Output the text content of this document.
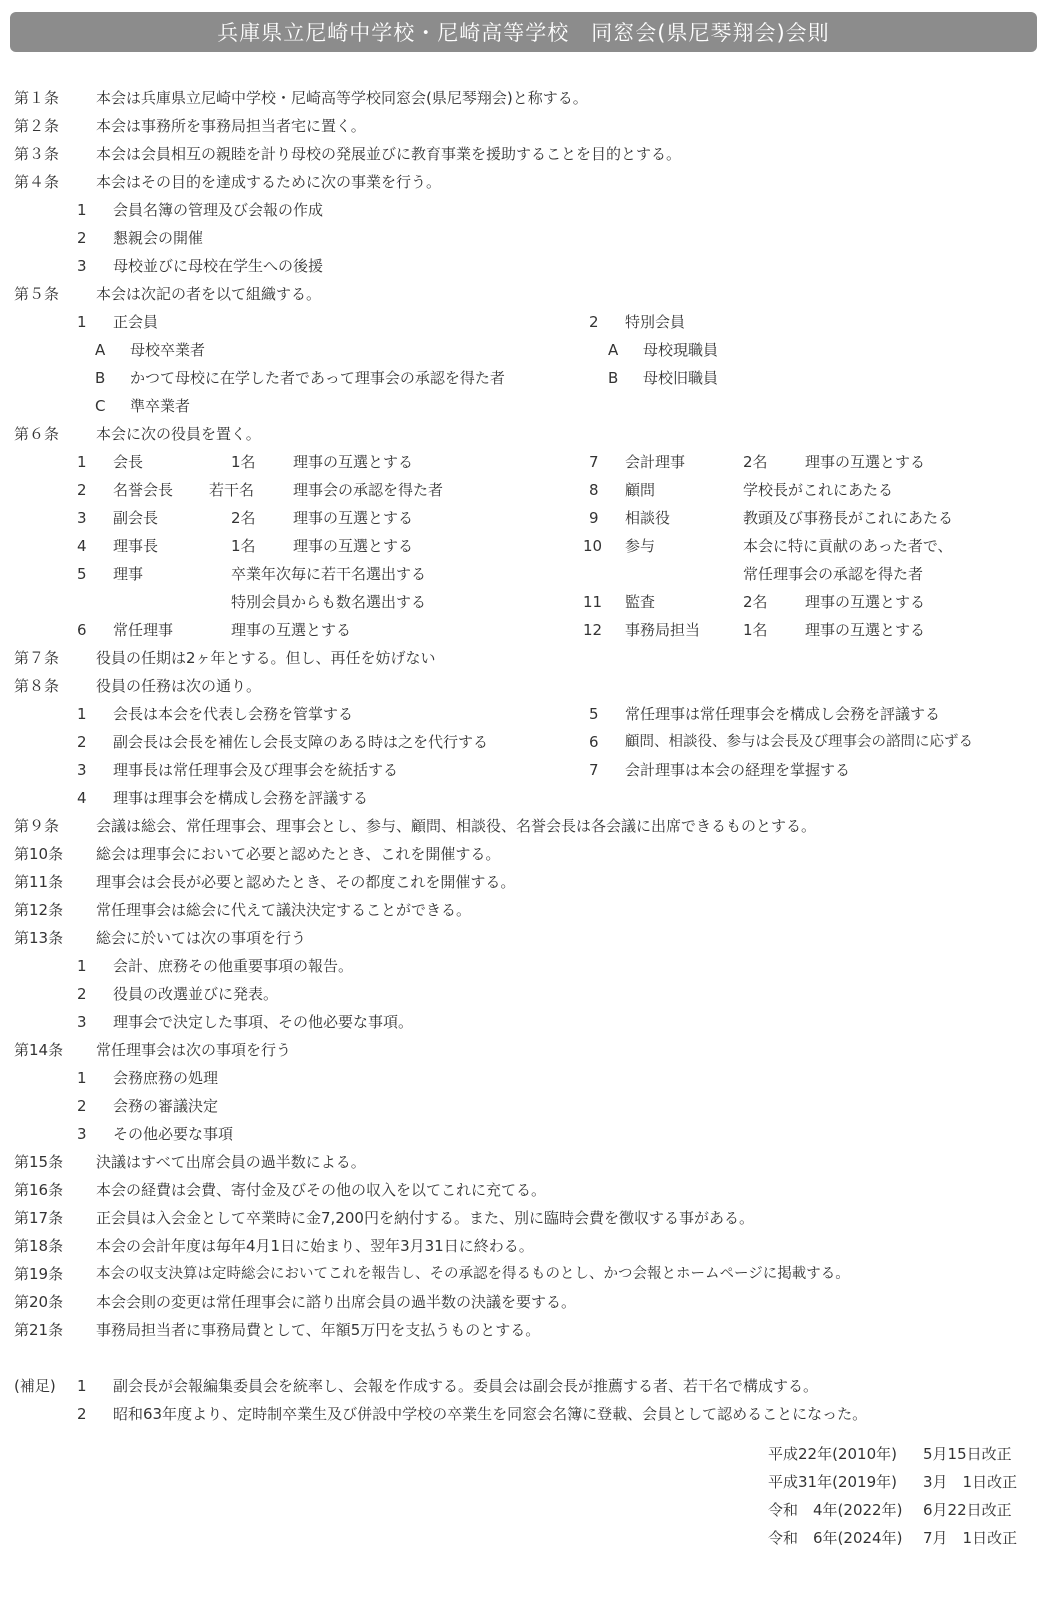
兵庫県立尼崎中学校・尼崎高等学校　同窓会(県尼琴翔会)会則
第１条 本会は兵庫県立尼崎中学校・尼崎高等学校同窓会(県尼琴翔会)と称する。
第２条 本会は事務所を事務局担当者宅に置く。
第３条 本会は会員相互の親睦を計り母校の発展並びに教育事業を援助することを目的とする。
第４条 本会はその目的を達成するために次の事業を行う。
1 会員名簿の管理及び会報の作成
2 懇親会の開催
3 母校並びに母校在学生への後援
第５条 本会は次記の者を以て組織する。
1 正会員	2 特別会員
A 母校卒業者	A 母校現職員
B かつて母校に在学した者であって理事会の承認を得た者	B 母校旧職員
C 準卒業者
第６条 本会に次の役員を置く。
1 会長	1名 理事の互選とする	7 会計理事	2名 理事の互選とする
2 名誉会長 若干名	理事会の承認を得た者	8 顧問	学校長がこれにあたる
3 副会長	2名 理事の互選とする	9 相談役	教頭及び事務長がこれにあたる
4 理事長	1名 理事の互選とする	10 参与	本会に特に貢献のあった者で、
5 理事	卒業年次毎に若干名選出する	常任理事会の承認を得た者
特別会員からも数名選出する	11 監査	2名 理事の互選とする
6 常任理事	理事の互選とする	12 事務局担当	1名 理事の互選とする
第７条 役員の任期は2ヶ年とする。但し、再任を妨げない
第８条 役員の任務は次の通り。
1 会長は本会を代表し会務を管掌する	5 常任理事は常任理事会を構成し会務を評議する
2 副会長は会長を補佐し会長支障のある時は之を代行する	6 顧問、相談役、参与は会長及び理事会の諮問に応ずる
3 理事長は常任理事会及び理事会を統括する	7 会計理事は本会の経理を掌握する
4 理事は理事会を構成し会務を評議する
第９条 会議は総会、常任理事会、理事会とし、参与、顧問、相談役、名誉会長は各会議に出席できるものとする。
第10条 総会は理事会において必要と認めたとき、これを開催する。
第11条 理事会は会長が必要と認めたとき、その都度これを開催する。
第12条 常任理事会は総会に代えて議決決定することができる。
第13条 総会に於いては次の事項を行う
1 会計、庶務その他重要事項の報告。
2 役員の改選並びに発表。
3 理事会で決定した事項、その他必要な事項。
第14条 常任理事会は次の事項を行う
1 会務庶務の処理
2 会務の審議決定
3 その他必要な事項
第15条 決議はすべて出席会員の過半数による。
第16条 本会の経費は会費、寄付金及びその他の収入を以てこれに充てる。
第17条 正会員は入会金として卒業時に金7,200円を納付する。また、別に臨時会費を徴収する事がある。
第18条 本会の会計年度は毎年4月1日に始まり、翌年3月31日に終わる。
第19条 本会の収支決算は定時総会においてこれを報告し、その承認を得るものとし、かつ会報とホームページに掲載する。
第20条 本会会則の変更は常任理事会に諮り出席会員の過半数の決議を要する。
第21条 事務局担当者に事務局費として、年額5万円を支払うものとする。
(補足) 1 副会長が会報編集委員会を統率し、会報を作成する。委員会は副会長が推薦する者、若干名で構成する。
2 昭和63年度より、定時制卒業生及び併設中学校の卒業生を同窓会名簿に登載、会員として認めることになった。
平成22年(2010年) 5月15日改正
平成31年(2019年) 3月　1日改正
令和　4年(2022年) 6月22日改正
令和　6年(2024年) 7月　1日改正
